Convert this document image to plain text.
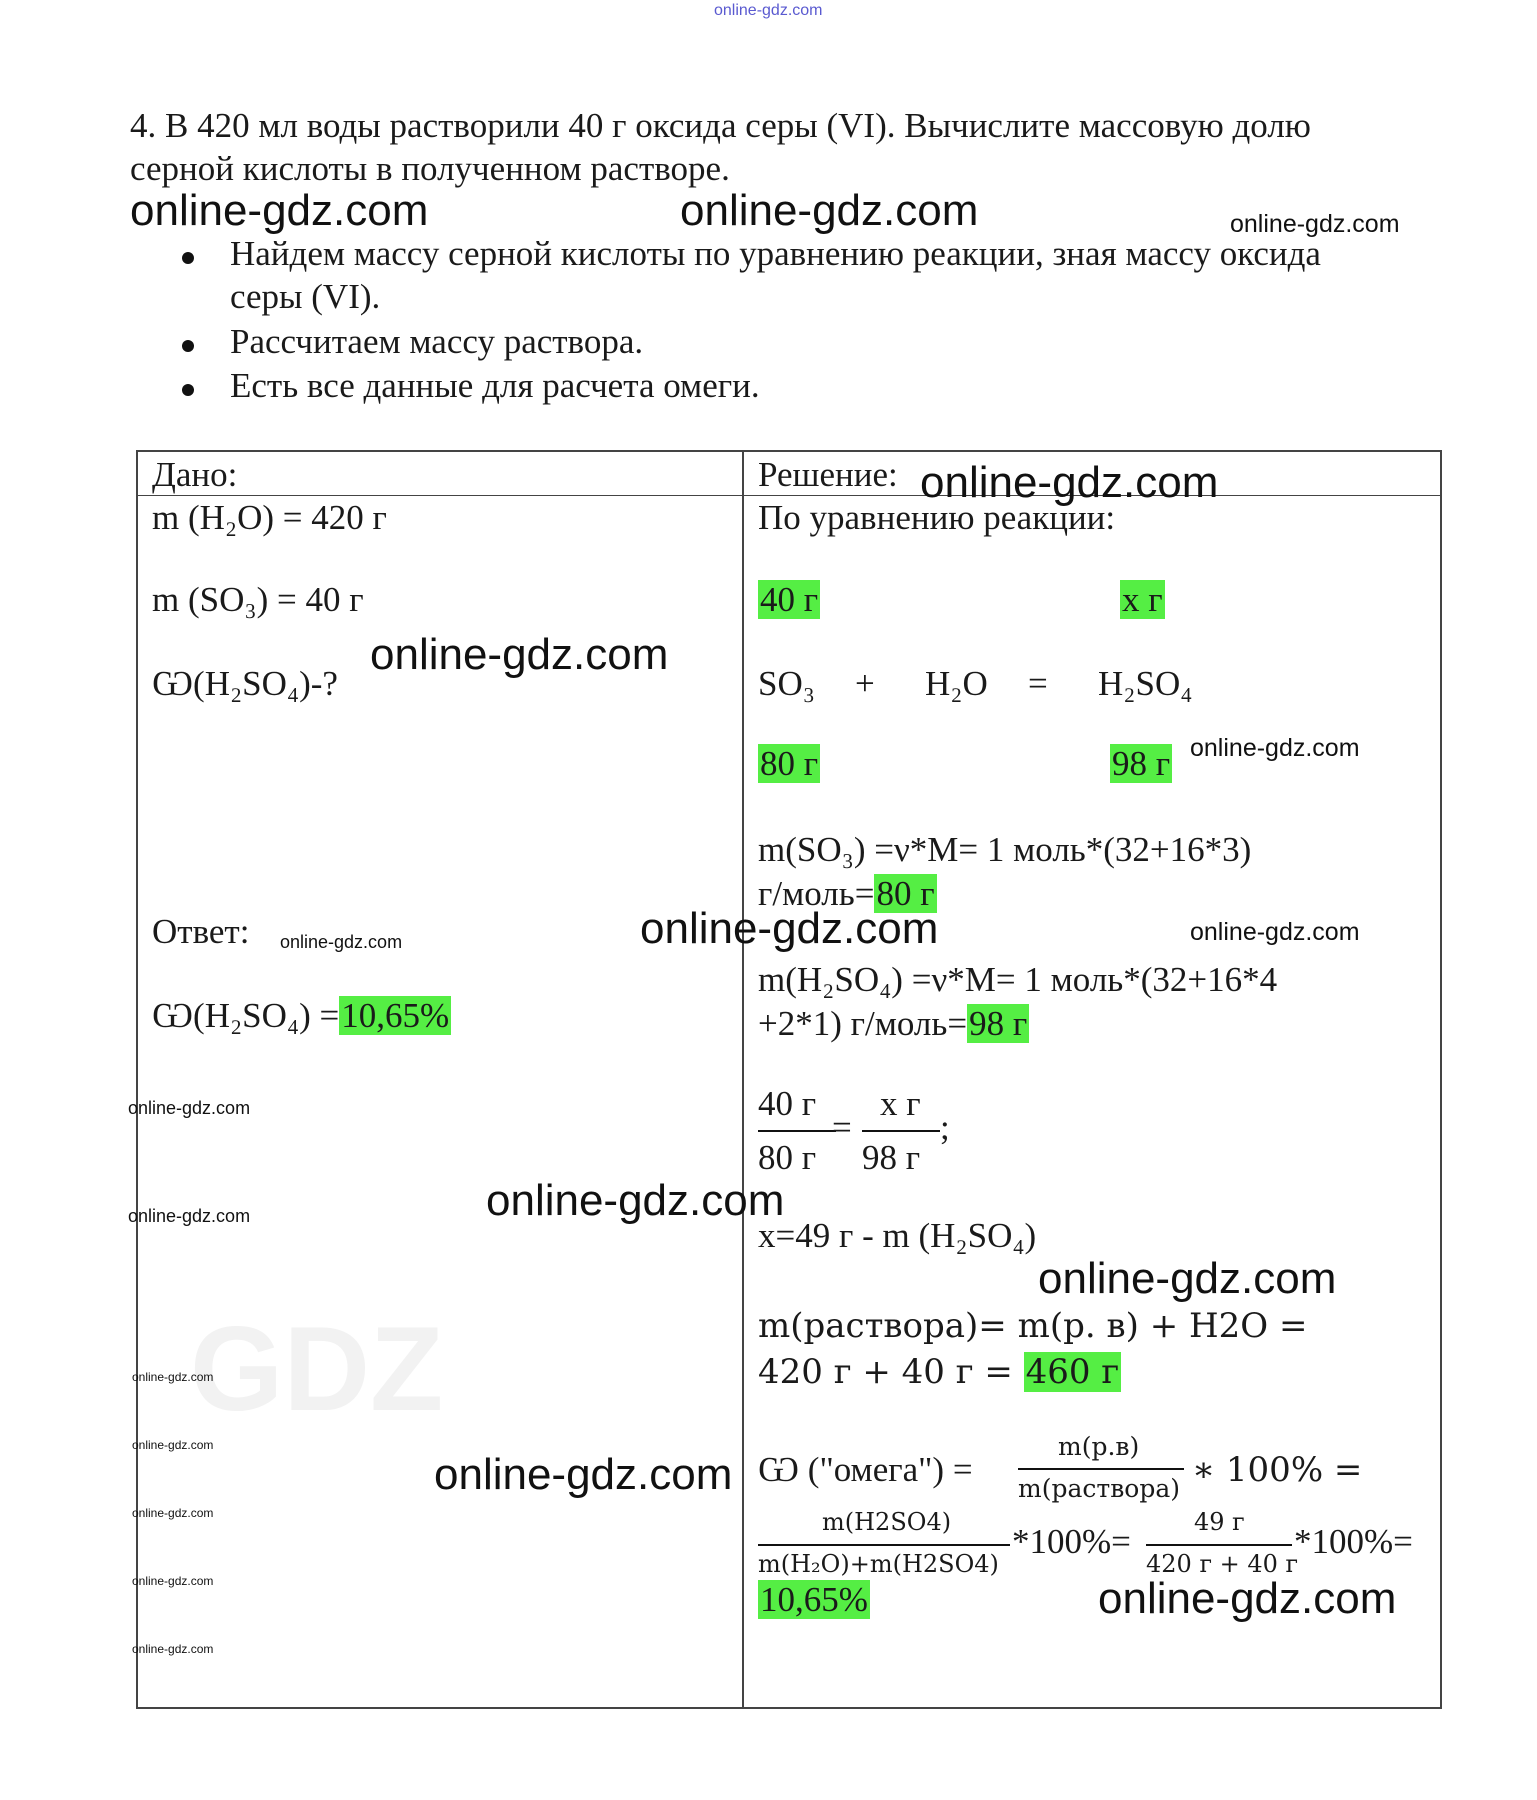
GDZ
online-gdz.com
4. В 420 мл воды растворили 40 г оксида серы (VI). Вычислите массовую долю
серной кислоты в полученном растворе.
online-gdz.com	online-gdz.com	online-gdz.com
Найдем массу серной кислоты по уравнению реакции, зная массу оксида
серы (VI).
Рассчитаем массу раствора.
Есть все данные для расчета омеги.
Дано:
m (H₂O) = 420 г
m (SO₃) = 40 г
Ѡ(H₂SO₄)-?
online-gdz.com
Ответ: online-gdz.com
Ѡ(H₂SO₄) =10,65%
online-gdz.com
online-gdz.com
online-gdz.com
online-gdz.com
online-gdz.com
online-gdz.com
online-gdz.com
Решение: online-gdz.com
По уравнению реакции:
40 г	х г
SO₃ + H₂O = H₂SO₄
80 г	98 г online-gdz.com
m(SO₃) =ν*M= 1 моль*(32+16*3)
г/моль=80 г
online-gdz.com	online-gdz.com
m(H₂SO₄) =ν*M= 1 моль*(32+16*4
+2*1) г/моль=98 г
40 г
80 г
=
х г
98 г
;
online-gdz.com
x=49 г - m (H₂SO₄)
online-gdz.com
m(раствора)= m(р. в) + H2O =
420 г + 40 г = 460 г
online-gdz.com Ѡ ("омега") =
m(р.в)
m(раствора) ∗ 100% =
m(H2SO4)
m(H₂O)+m(H2SO4)
*100%=	49 г
420 г + 40 г
*100%=
10,65%	online-gdz.com
